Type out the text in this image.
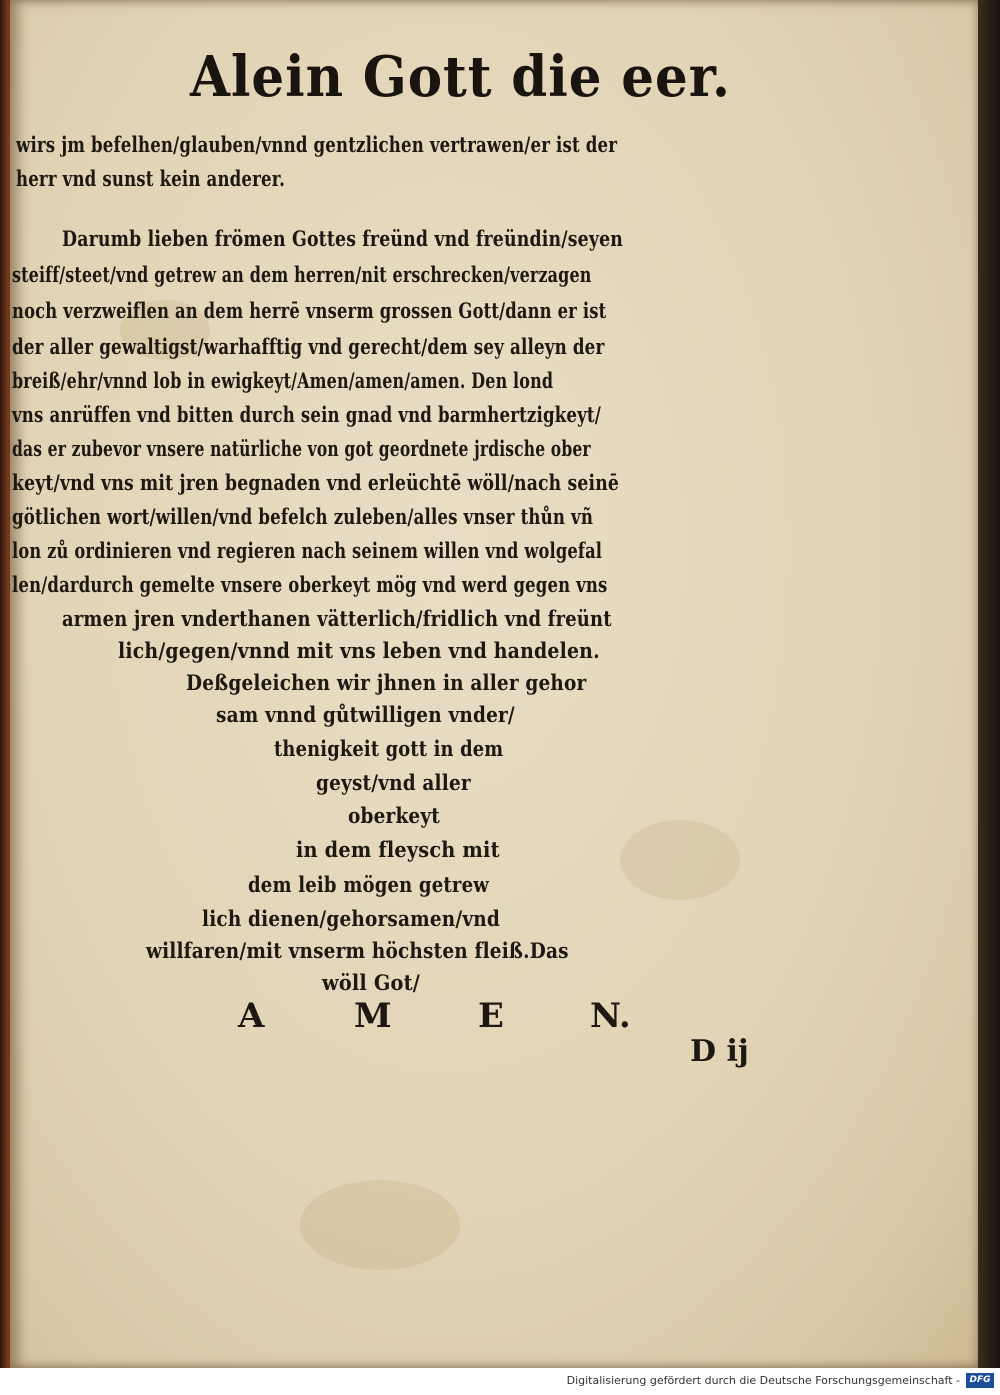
Alein Gott die eer.
wirs jm befelhen/glauben/vnnd gentzlichen vertrawen/er ist der
herr vnd sunst kein anderer.
Darumb lieben frömen Gottes freünd vnd freündin/seyen
steiff/steet/vnd getrew an dem herren/nit erschrecken/verzagen
noch verzweiflen an dem herrē vnserm grossen Gott/dann er ist
der aller gewaltigst/warhafftig vnd gerecht/dem sey alleyn der
breiß/ehr/vnnd lob in ewigkeyt/Amen/amen/amen. Den lond
vns anrüffen vnd bitten durch sein gnad vnd barmhertzigkeyt/
das er zubevor vnsere natürliche von got geordnete jrdische ober
keyt/vnd vns mit jren begnaden vnd erleüchtē wöll/nach seinē
götlichen wort/willen/vnd befelch zuleben/alles vnser thůn vñ
lon zů ordinieren vnd regieren nach seinem willen vnd wolgefal
len/dardurch gemelte vnsere oberkeyt mög vnd werd gegen vns
armen jren vnderthanen vätterlich/fridlich vnd freünt
lich/gegen/vnnd mit vns leben vnd handelen.
Deßgeleichen wir jhnen in aller gehor
sam vnnd gůtwilligen vnder/
thenigkeit gott in dem
geyst/vnd aller
oberkeyt
in dem fleysch mit
dem leib mögen getrew
lich dienen/gehorsamen/vnd
willfaren/mit vnserm höchsten fleiß.Das
wöll Got/
A	M	E	N.
D ij
Digitalisierung gefördert durch die Deutsche Forschungsgemeinschaft -	DFG
